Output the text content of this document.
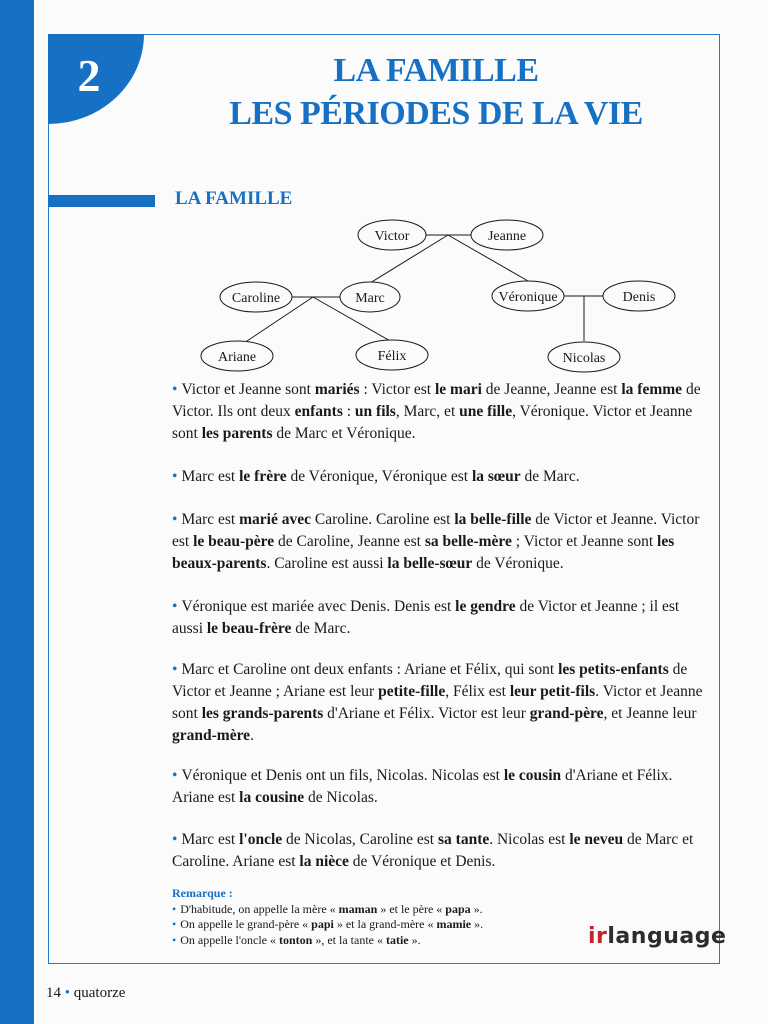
2	LA FAMILLE
LES PÉRIODES DE LA VIE
LA FAMILLE
Victor	Jeanne
Caroline	Marc	Véronique	Denis
Ariane	Félix	Nicolas

• Victor et Jeanne sont mariés : Victor est le mari de Jeanne, Jeanne est la femme de Victor. Ils ont deux enfants : un fils, Marc, et une fille, Véronique. Victor et Jeanne sont les parents de Marc et Véronique.

• Marc est le frère de Véronique, Véronique est la sœur de Marc.

• Marc est marié avec Caroline. Caroline est la belle-fille de Victor et Jeanne. Victor est le beau-père de Caroline, Jeanne est sa belle-mère ; Victor et Jeanne sont les beaux-parents. Caroline est aussi la belle-sœur de Véronique.

• Véronique est mariée avec Denis. Denis est le gendre de Victor et Jeanne ; il est aussi le beau-frère de Marc.

• Marc et Caroline ont deux enfants : Ariane et Félix, qui sont les petits-enfants de Victor et Jeanne ; Ariane est leur petite-fille, Félix est leur petit-fils. Victor et Jeanne sont les grands-parents d'Ariane et Félix. Victor est leur grand-père, et Jeanne leur grand-mère.

• Véronique et Denis ont un fils, Nicolas. Nicolas est le cousin d'Ariane et Félix. Ariane est la cousine de Nicolas.

• Marc est l'oncle de Nicolas, Caroline est sa tante. Nicolas est le neveu de Marc et Caroline. Ariane est la nièce de Véronique et Denis.

Remarque :
• D'habitude, on appelle la mère « maman » et le père « papa ».
• On appelle le grand-père « papi » et la grand-mère « mamie ».
• On appelle l'oncle « tonton », et la tante « tatie ».	irlanguage
14 • quatorze
